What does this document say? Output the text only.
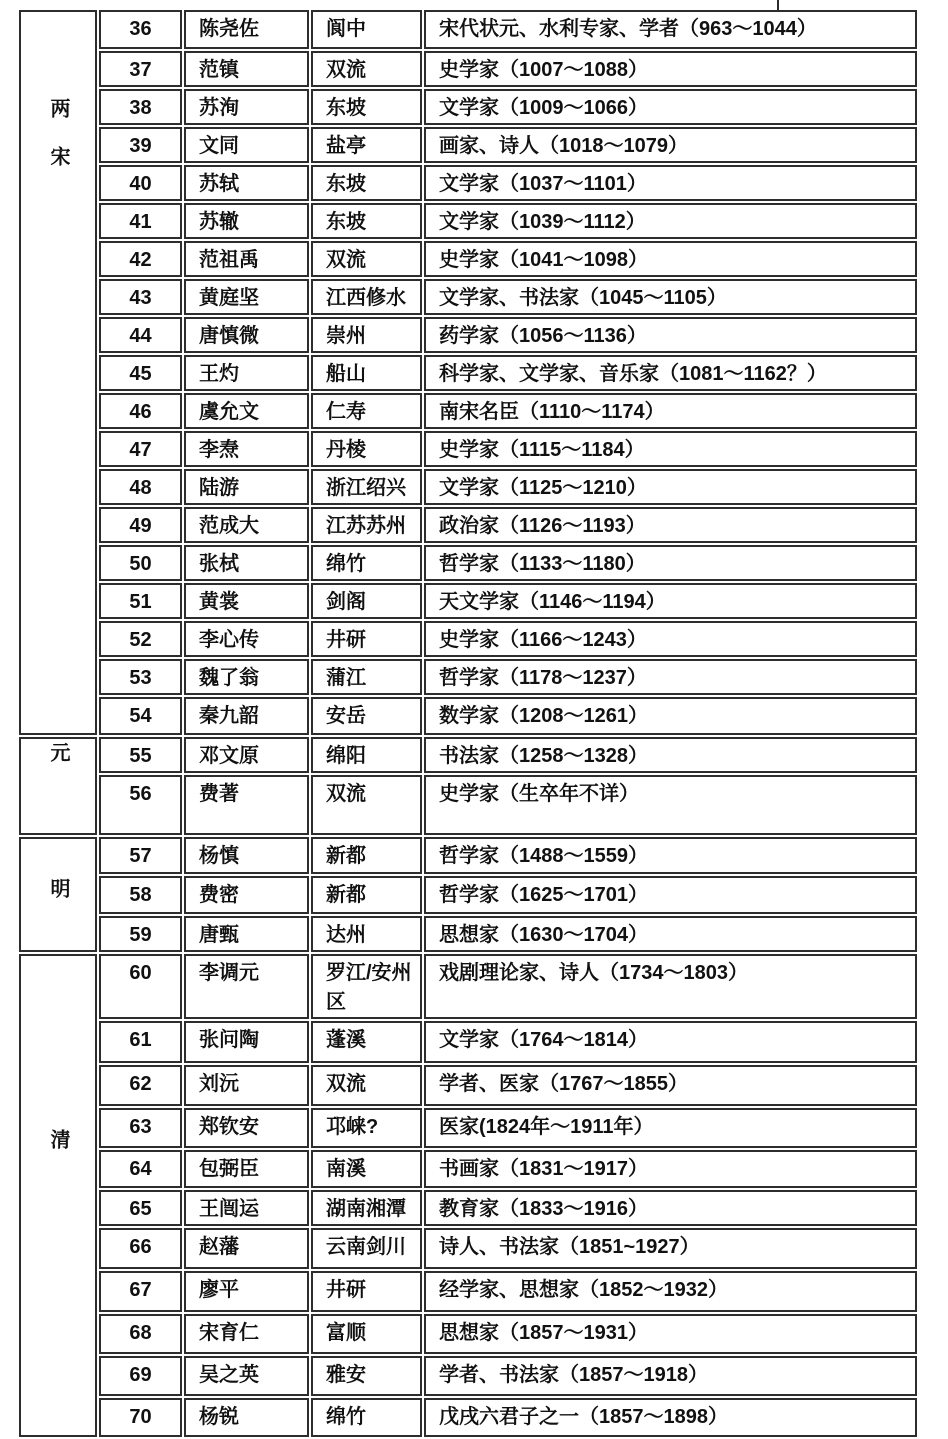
两宋	36	陈尧佐	阆中	宋代状元、水利专家、学者（963～1044）
	37	范镇	双流	史学家（1007～1088）
	38	苏洵	东坡	文学家（1009～1066）
	39	文同	盐亭	画家、诗人（1018～1079）
	40	苏轼	东坡	文学家（1037～1101）
	41	苏辙	东坡	文学家（1039～1112）
	42	范祖禹	双流	史学家（1041～1098）
	43	黄庭坚	江西修水	文学家、书法家（1045～1105）
	44	唐慎微	崇州	药学家（1056～1136）
	45	王灼	船山	科学家、文学家、音乐家（1081～1162？）
	46	虞允文	仁寿	南宋名臣（1110～1174）
	47	李焘	丹棱	史学家（1115～1184）
	48	陆游	浙江绍兴	文学家（1125～1210）
	49	范成大	江苏苏州	政治家（1126～1193）
	50	张栻	绵竹	哲学家（1133～1180）
	51	黄裳	剑阁	天文学家（1146～1194）
	52	李心传	井研	史学家（1166～1243）
	53	魏了翁	蒲江	哲学家（1178～1237）
	54	秦九韶	安岳	数学家（1208～1261）

元	55	邓文原	绵阳	书法家（1258～1328）
	56	费著	双流	史学家（生卒年不详）

明	57	杨慎	新都	哲学家（1488～1559）
	58	费密	新都	哲学家（1625～1701）
	59	唐甄	达州	思想家（1630～1704）

清	60	李调元	罗江/安州区	戏剧理论家、诗人（1734～1803）
	61	张问陶	蓬溪	文学家（1764～1814）
	62	刘沅	双流	学者、医家（1767～1855）
	63	郑钦安	邛崃?	医家(1824年～1911年）
	64	包弼臣	南溪	书画家（1831～1917）
	65	王闿运	湖南湘潭	教育家（1833～1916）
	66	赵藩	云南剑川	诗人、书法家（1851~1927）
	67	廖平	井研	经学家、思想家（1852～1932）
	68	宋育仁	富顺	思想家（1857～1931）
	69	吴之英	雅安	学者、书法家（1857～1918）
	70	杨锐	绵竹	戊戌六君子之一（1857～1898）
